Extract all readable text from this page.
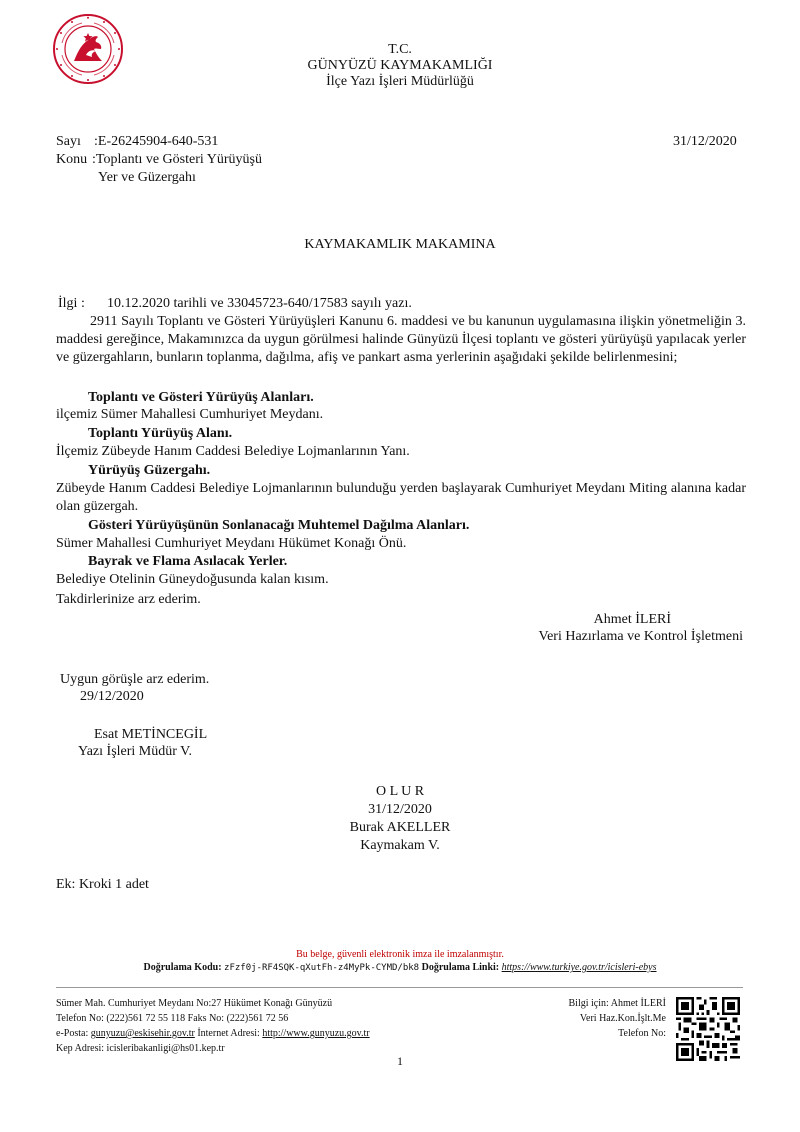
T.C.
GÜNYÜZÜ KAYMAKAMLIĞI
İlçe Yazı İşleri Müdürlüğü
Sayı :E-26245904-640-531	31/12/2020
Konu :Toplantı ve Gösteri Yürüyüşü
Yer ve Güzergahı
KAYMAKAMLIK MAKAMINA
İlgi : 10.12.2020 tarihli ve 33045723-640/17583 sayılı yazı.
2911 Sayılı Toplantı ve Gösteri Yürüyüşleri Kanunu 6. maddesi ve bu kanunun uygulamasına ilişkin yönetmeliğin 3. maddesi gereğince, Makamınızca da uygun görülmesi halinde Günyüzü İlçesi toplantı ve gösteri yürüyüşü yapılacak yerler ve güzergahların, bunların toplanma, dağılma, afiş ve pankart asma yerlerinin aşağıdaki şekilde belirlenmesini;
Toplantı ve Gösteri Yürüyüş Alanları.
ilçemiz Sümer Mahallesi Cumhuriyet Meydanı.
Toplantı Yürüyüş Alanı.
İlçemiz Zübeyde Hanım Caddesi Belediye Lojmanlarının Yanı.
Yürüyüş Güzergahı.
Zübeyde Hanım Caddesi Belediye Lojmanlarının bulunduğu yerden başlayarak Cumhuriyet Meydanı Miting alanına kadar olan güzergah.
Gösteri Yürüyüşünün Sonlanacağı Muhtemel Dağılma Alanları.
Sümer Mahallesi Cumhuriyet Meydanı Hükümet Konağı Önü.
Bayrak ve Flama Asılacak Yerler.
Belediye Otelinin Güneydoğusunda kalan kısım.
Takdirlerinize arz ederim.
Ahmet İLERİ
Veri Hazırlama ve Kontrol İşletmeni
Uygun görüşle arz ederim.
29/12/2020
Esat METİNCEGİL
Yazı İşleri Müdür V.
O L U R
31/12/2020
Burak AKELLER
Kaymakam V.
Ek: Kroki 1 adet
Bu belge, güvenli elektronik imza ile imzalanmıştır.
Doğrulama Kodu: zFzf0j-RF4SQK-qXutFh-z4MyPk-CYMD/bk8 Doğrulama Linki: https://www.turkiye.gov.tr/icisleri-ebys
Sümer Mah. Cumhuriyet Meydanı No:27 Hükümet Konağı Günyüzü
Telefon No: (222)561 72 55 118 Faks No: (222)561 72 56
e-Posta: gunyuzu@eskisehir.gov.tr İnternet Adresi: http://www.gunyuzu.gov.tr
Kep Adresi: icisleribakanligi@hs01.kep.tr
Bilgi için: Ahmet İLERİ
Veri Haz.Kon.İşlt.Me
Telefon No:
1
